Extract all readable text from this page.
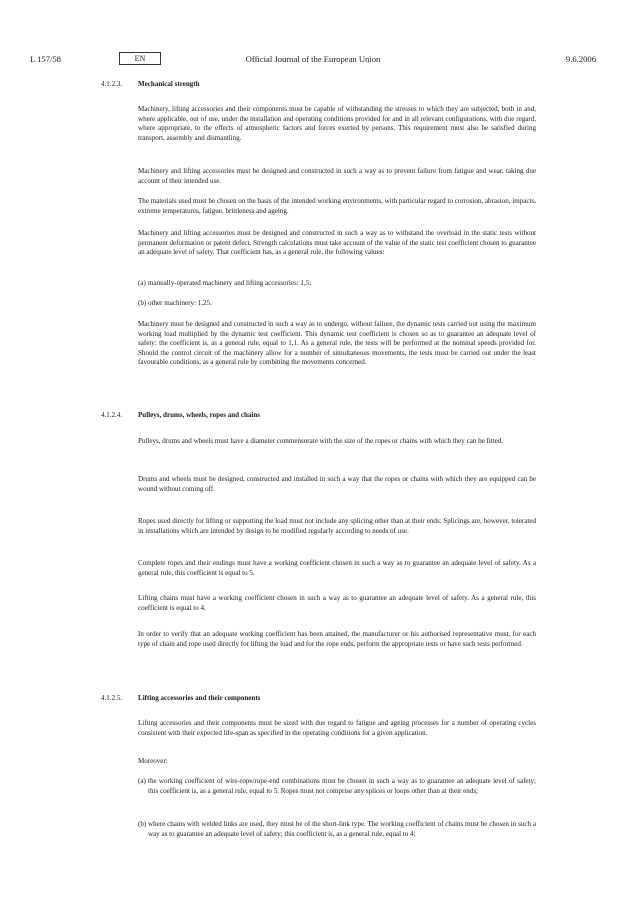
L 157/58	Official Journal of the European Union
EN	9.6.2006
4.1.2.3. Mechanical strength

Machinery, lifting accessories and their components must be capable of withstanding the stresses to which they are subjected, both in and, where applicable, out of use, under the installation and operating conditions provided for and in all relevant configurations, with due regard, where appropriate, to the effects of atmospheric factors and forces exerted by persons. This requirement must also be satisfied during transport, assembly and dismantling.

Machinery and lifting accessories must be designed and constructed in such a way as to prevent failure from fatigue and wear, taking due account of their intended use.

The materials used must be chosen on the basis of the intended working environments, with particular regard to corrosion, abrasion, impacts, extreme temperatures, fatigue, brittleness and ageing.

Machinery and lifting accessories must be designed and constructed in such a way as to withstand the overload in the static tests without permanent deformation or patent defect. Strength calculations must take account of the value of the static test coefficient chosen to guarantee an adequate level of safety. That coefficient has, as a general rule, the following values:

(a) manually-operated machinery and lifting accessories: 1,5;
(b) other machinery: 1,25.

Machinery must be designed and constructed in such a way as to undergo, without failure, the dynamic tests carried out using the maximum working load multiplied by the dynamic test coefficient. This dynamic test coefficient is chosen so as to guarantee an adequate level of safety: the coefficient is, as a general rule, equal to 1,1. As a general rule, the tests will be performed at the nominal speeds provided for. Should the control circuit of the machinery allow for a number of simultaneous movements, the tests must be carried out under the least favourable conditions, as a general rule by combining the movements concerned.

4.1.2.4. Pulleys, drums, wheels, ropes and chains

Pulleys, drums and wheels must have a diameter commensurate with the size of the ropes or chains with which they can be fitted.

Drums and wheels must be designed, constructed and installed in such a way that the ropes or chains with which they are equipped can be wound without coming off.

Ropes used directly for lifting or supporting the load must not include any splicing other than at their ends. Splicings are, however, tolerated in installations which are intended by design to be modified regularly according to needs of use.

Complete ropes and their endings must have a working coefficient chosen in such a way as to guarantee an adequate level of safety. As a general rule, this coefficient is equal to 5.

Lifting chains must have a working coefficient chosen in such a way as to guarantee an adequate level of safety. As a general rule, this coefficient is equal to 4.

In order to verify that an adequate working coefficient has been attained, the manufacturer or his authorised representative must, for each type of chain and rope used directly for lifting the load and for the rope ends, perform the appropriate tests or have such tests performed.

4.1.2.5. Lifting accessories and their components

Lifting accessories and their components must be sized with due regard to fatigue and ageing processes for a number of operating cycles consistent with their expected life-span as specified in the operating conditions for a given application.

Moreover:

(a) the working coefficient of wire-rope/rope-end combinations must be chosen in such a way as to guarantee an adequate level of safety; this coefficient is, as a general rule, equal to 5. Ropes must not comprise any splices or loops other than at their ends;
(b) where chains with welded links are used, they must be of the short-link type. The working coefficient of chains must be chosen in such a way as to guarantee an adequate level of safety; this coefficient is, as a general rule, equal to 4;
